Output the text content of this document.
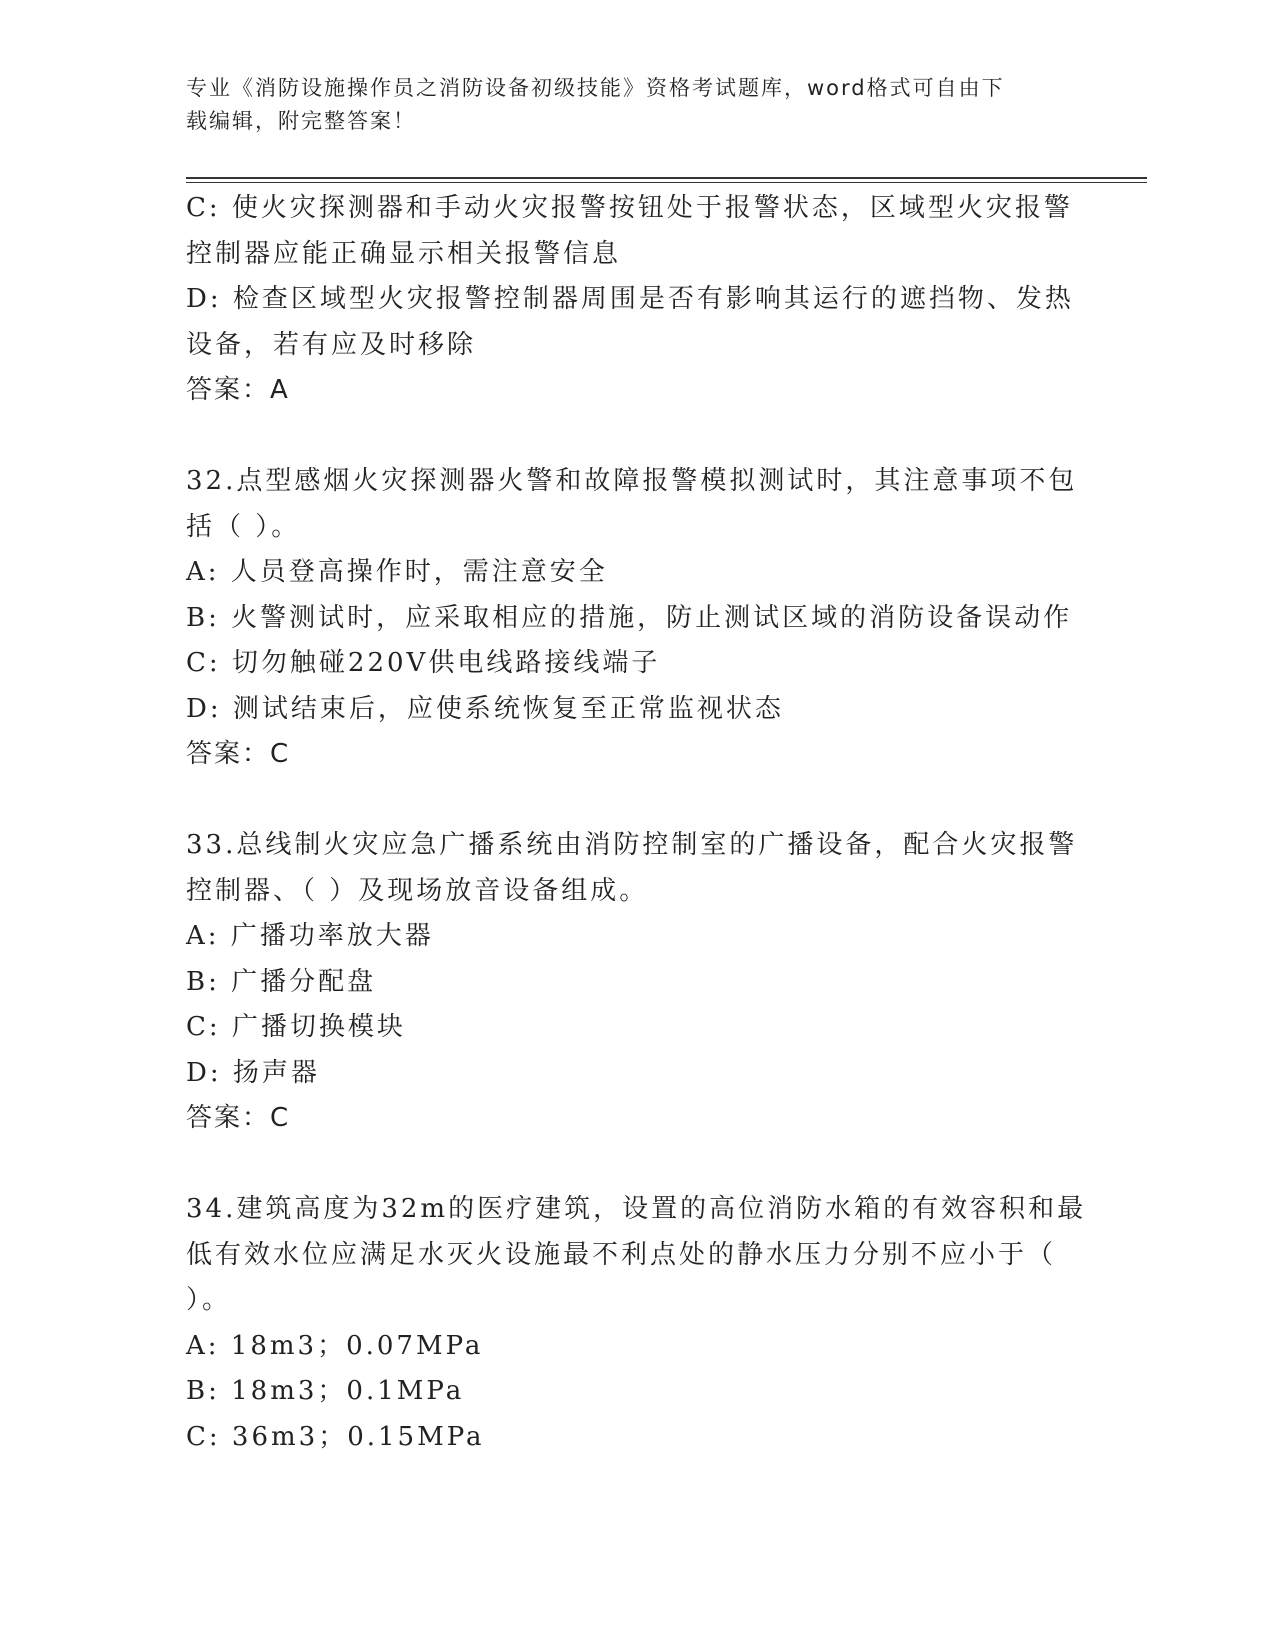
专业《消防设施操作员之消防设备初级技能》资格考试题库，word格式可自由下
载编辑，附完整答案！
C: 使火灾探测器和手动火灾报警按钮处于报警状态，区域型火灾报警
控制器应能正确显示相关报警信息
D: 检查区域型火灾报警控制器周围是否有影响其运行的遮挡物、发热
设备，若有应及时移除
答案：A
32.点型感烟火灾探测器火警和故障报警模拟测试时，其注意事项不包
括（ ）。
A: 人员登高操作时，需注意安全
B: 火警测试时，应采取相应的措施，防止测试区域的消防设备误动作
C: 切勿触碰220V供电线路接线端子
D: 测试结束后，应使系统恢复至正常监视状态
答案：C
33.总线制火灾应急广播系统由消防控制室的广播设备，配合火灾报警
控制器、（ ）及现场放音设备组成。
A: 广播功率放大器
B: 广播分配盘
C: 广播切换模块
D: 扬声器
答案：C
34.建筑高度为32m的医疗建筑，设置的高位消防水箱的有效容积和最
低有效水位应满足水灭火设施最不利点处的静水压力分别不应小于（
）。
A: 18m3；0.07MPa
B: 18m3；0.1MPa
C: 36m3；0.15MPa
